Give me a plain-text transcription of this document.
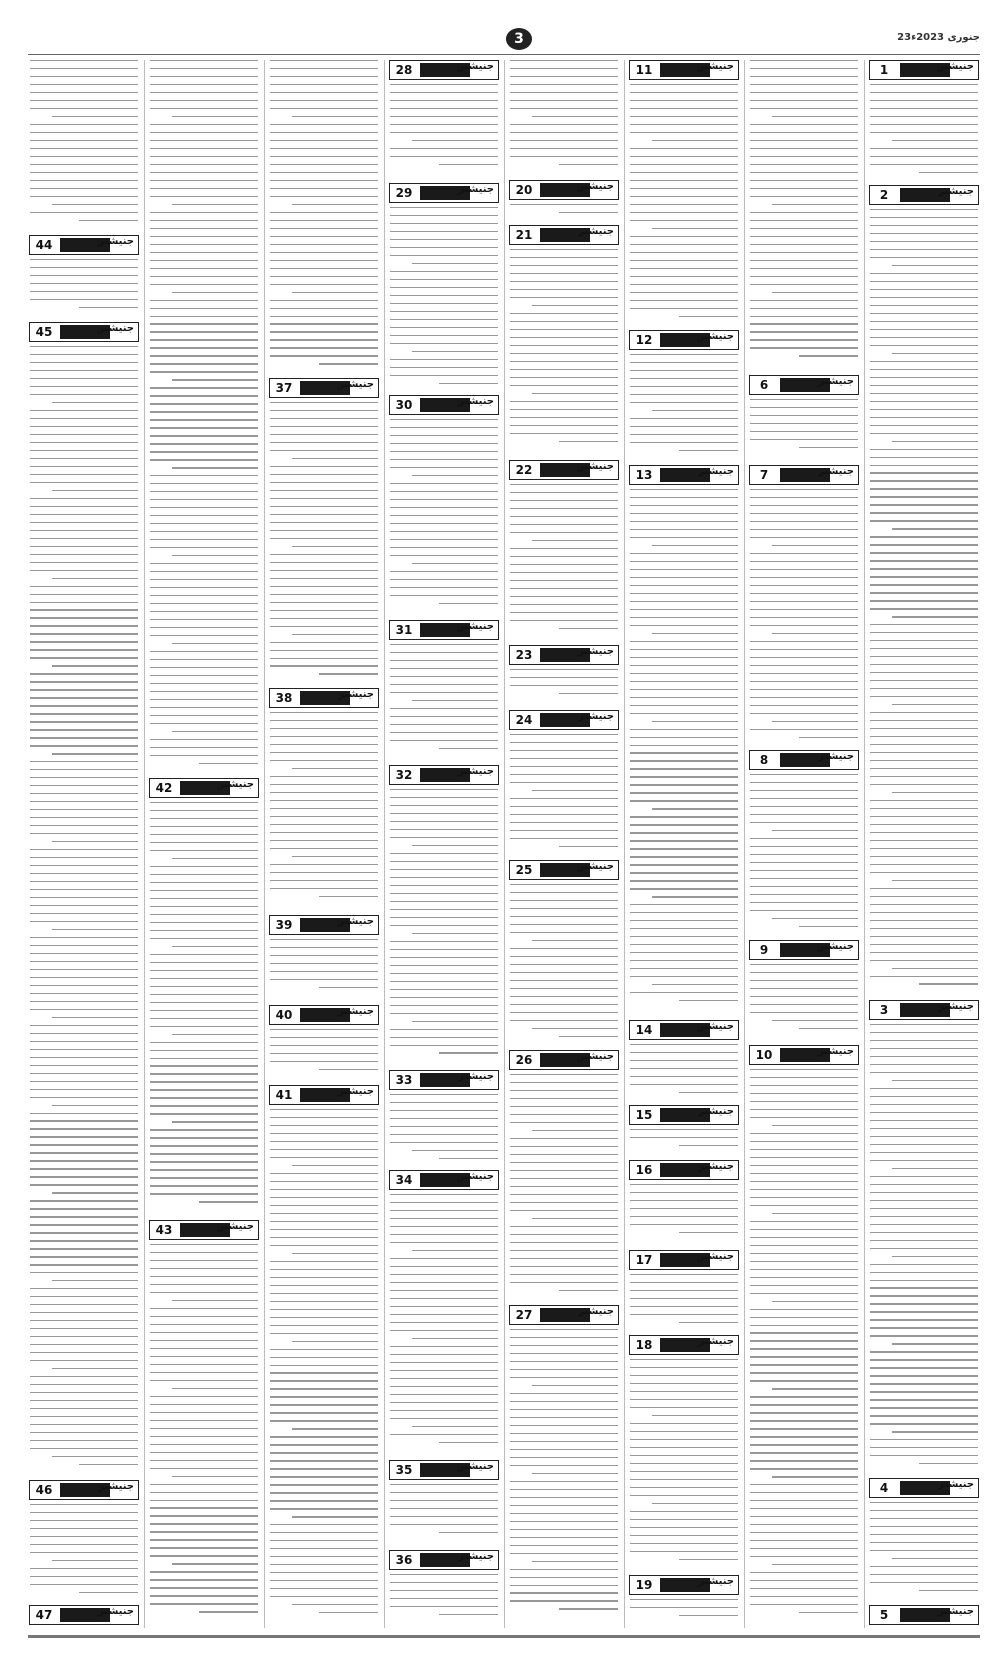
3	23جنوری 2023ء
1	جنیشنر
2	جنیشنر
3	جنیشنر
4	جنیشنر
5	جنیشنر
6	جنیشنر
7	جنیشنر
8	جنیشنر
9	جنیشنر
10	جنیشنر
11	جنیشنر
12	جنیشنر
13	جنیشنر
14	جنیشنر
15	جنیشنر
16	جنیشنر
17	جنیشنر
18	جنیشنر
19	جنیشنر
20	جنیشنر
21	جنیشنر
22	جنیشنر
23	جنیشنر
24	جنیشنر
25	جنیشنر
26	جنیشنر
27	جنیشنر
28	جنیشنر
29	جنیشنر
30	جنیشنر
31	جنیشنر
32	جنیشنر
33	جنیشنر
34	جنیشنر
35	جنیشنر
36	جنیشنر
37	جنیشنر
38	جنیشنر
39	جنیشنر
40	جنیشنر
41	جنیشنر
42	جنیشنر
43	جنیشنر
44	جنیشنر
45	جنیشنر
46	جنیشنر
47	جنیشنر
